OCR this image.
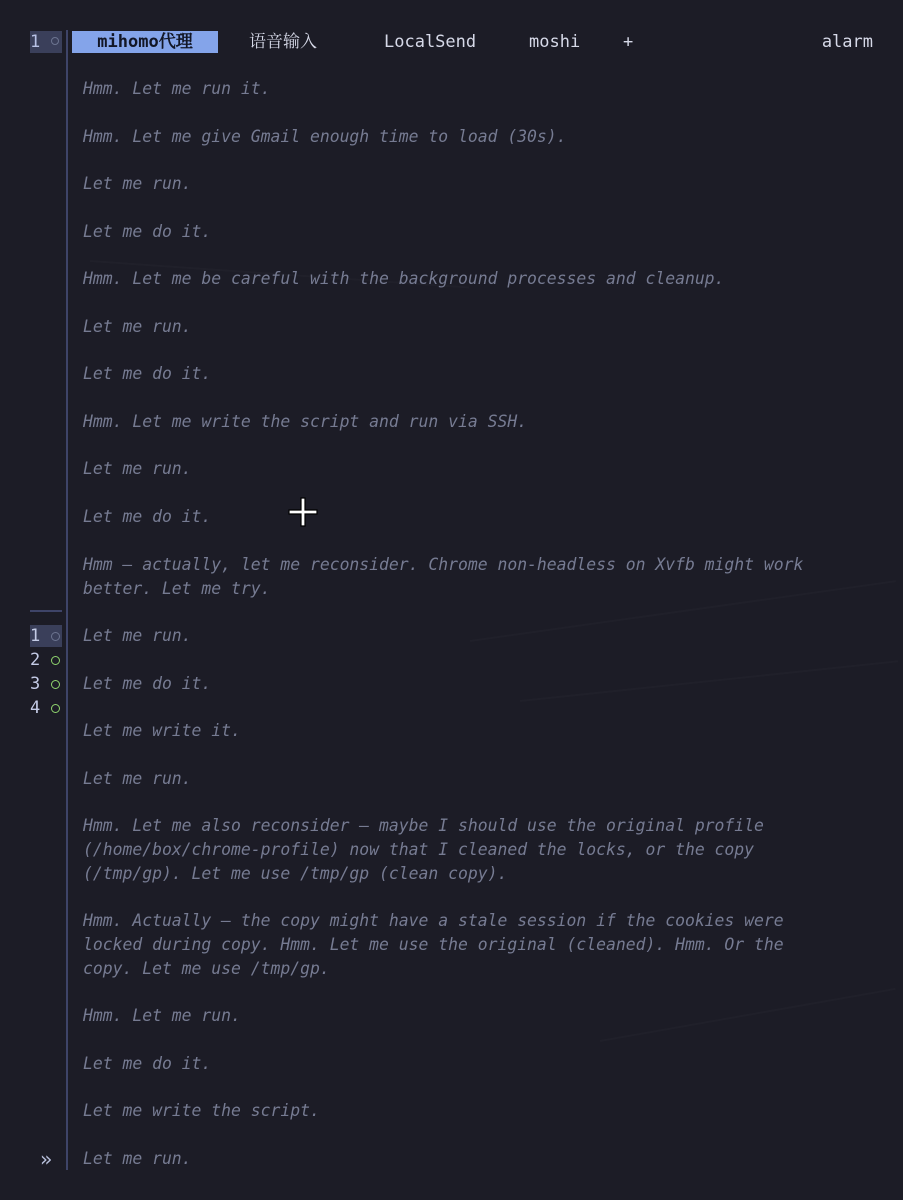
1	mihomo代理	语音输入	LocalSend	moshi	+	alarm
1
2
3
4
»
Hmm. Let me run it.
Hmm. Let me give Gmail enough time to load (30s).
Let me run.
Let me do it.
Hmm. Let me be careful with the background processes and cleanup.
Let me run.
Let me do it.
Hmm. Let me write the script and run via SSH.
Let me run.
Let me do it.
Hmm — actually, let me reconsider. Chrome non-headless on Xvfb might work
better. Let me try.
Let me run.
Let me do it.
Let me write it.
Let me run.
Hmm. Let me also reconsider — maybe I should use the original profile
(/home/box/chrome-profile) now that I cleaned the locks, or the copy
(/tmp/gp). Let me use /tmp/gp (clean copy).
Hmm. Actually — the copy might have a stale session if the cookies were
locked during copy. Hmm. Let me use the original (cleaned). Hmm. Or the
copy. Let me use /tmp/gp.
Hmm. Let me run.
Let me do it.
Let me write the script.
Let me run.
